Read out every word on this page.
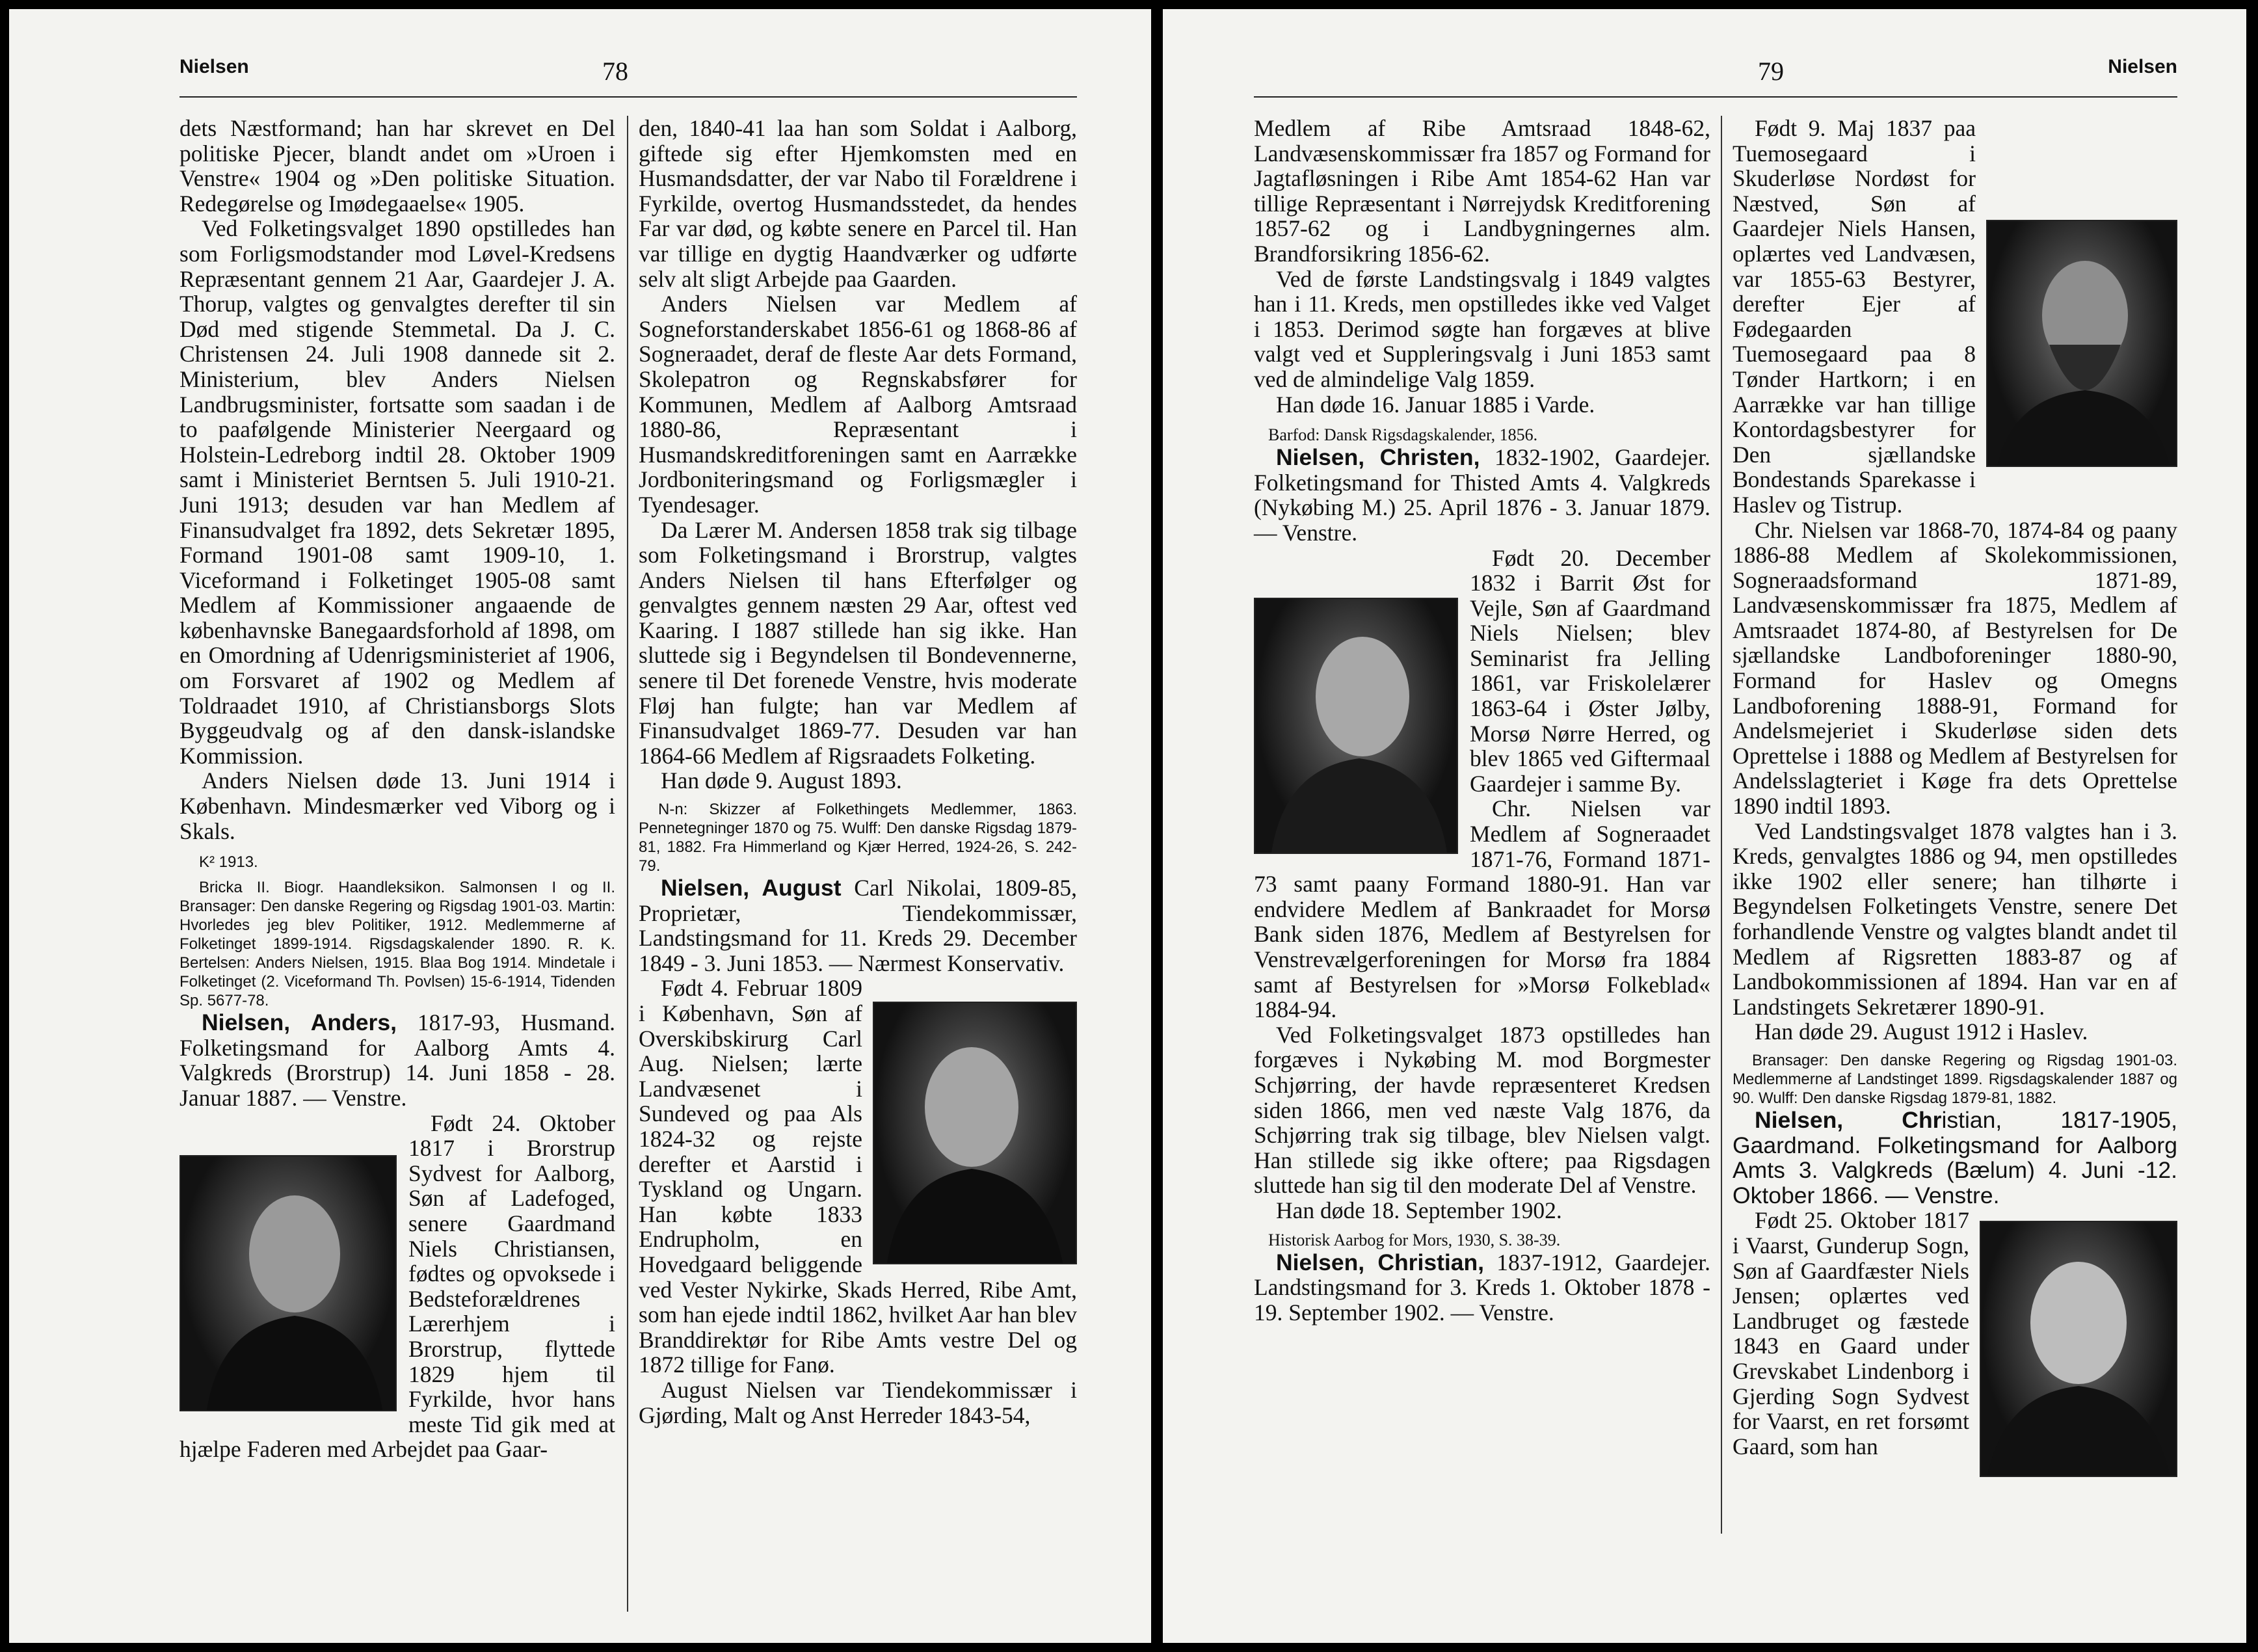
Nielsen	78

dets Næstformand; han har skrevet en Del politiske Pjecer, blandt andet om »Uroen i Venstre« 1904 og »Den politiske Situation. Redegørelse og Imødegaaelse« 1905.

Ved Folketingsvalget 1890 opstilledes han som Forligsmodstander mod Løvel-Kredsens Repræsentant gennem 21 Aar, Gaardejer J. A. Thorup, valgtes og genvalgtes derefter til sin Død med stigende Stemmetal. Da J. C. Christensen 24. Juli 1908 dannede sit 2. Ministerium, blev Anders Nielsen Landbrugsminister, fortsatte som saadan i de to paafølgende Ministerier Neergaard og Holstein-Ledreborg indtil 28. Oktober 1909 samt i Ministeriet Berntsen 5. Juli 1910-21. Juni 1913; desuden var han Medlem af Finansudvalget fra 1892, dets Sekretær 1895, Formand 1901-08 samt 1909-10, 1. Viceformand i Folketinget 1905-08 samt Medlem af Kommissioner angaaende de københavnske Banegaardsforhold af 1898, om en Omordning af Udenrigsministeriet af 1906, om Forsvaret af 1902 og Medlem af Toldraadet 1910, af Christiansborgs Slots Byggeudvalg og af den dansk-islandske Kommission.

Anders Nielsen døde 13. Juni 1914 i København. Mindesmærker ved Viborg og i Skals.

K² 1913.

Bricka II. Biogr. Haandleksikon. Salmonsen I og II. Bransager: Den danske Regering og Rigsdag 1901-03. Martin: Hvorledes jeg blev Politiker, 1912. Medlemmerne af Folketinget 1899-1914. Rigsdagskalender 1890. R. K. Bertelsen: Anders Nielsen, 1915. Blaa Bog 1914. Mindetale i Folketinget (2. Viceformand Th. Povlsen) 15-6-1914, Tidenden Sp. 5677-78.

Nielsen, Anders, 1817-93, Husmand. Folketingsmand for Aalborg Amts 4. Valgkreds (Brorstrup) 14. Juni 1858 - 28. Januar 1887. — Venstre.

Født 24. Oktober 1817 i Brorstrup Sydvest for Aalborg, Søn af Ladefoged, senere Gaardmand Niels Christiansen, fødtes og opvoksede i Bedsteforældrenes Lærerhjem i Brorstrup, flyttede 1829 hjem til Fyrkilde, hvor hans meste Tid gik med at hjælpe Faderen med Arbejdet paa Gaar-

den, 1840-41 laa han som Soldat i Aalborg, giftede sig efter Hjemkomsten med en Husmandsdatter, der var Nabo til Forældrene i Fyrkilde, overtog Husmandsstedet, da hendes Far var død, og købte senere en Parcel til. Han var tillige en dygtig Haandværker og udførte selv alt sligt Arbejde paa Gaarden.

Anders Nielsen var Medlem af Sogneforstanderskabet 1856-61 og 1868-86 af Sogneraadet, deraf de fleste Aar dets Formand, Skolepatron og Regnskabsfører for Kommunen, Medlem af Aalborg Amtsraad 1880-86, Repræsentant i Husmandskreditforeningen samt en Aarrække Jordboniteringsmand og Forligsmægler i Tyendesager.

Da Lærer M. Andersen 1858 trak sig tilbage som Folketingsmand i Brorstrup, valgtes Anders Nielsen til hans Efterfølger og genvalgtes gennem næsten 29 Aar, oftest ved Kaaring. I 1887 stillede han sig ikke. Han sluttede sig i Begyndelsen til Bondevennerne, senere til Det forenede Venstre, hvis moderate Fløj han fulgte; han var Medlem af Finansudvalget 1869-77. Desuden var han 1864-66 Medlem af Rigsraadets Folketing.

Han døde 9. August 1893.

N-n: Skizzer af Folkethingets Medlemmer, 1863. Pennetegninger 1870 og 75. Wulff: Den danske Rigsdag 1879-81, 1882. Fra Himmerland og Kjær Herred, 1924-26, S. 242-79.

Nielsen, August Carl Nikolai, 1809-85, Proprietær, Tiendekommissær, Landstingsmand for 11. Kreds 29. December 1849 - 3. Juni 1853. — Nærmest Konservativ.

Født 4. Februar 1809 i København, Søn af Overskibskirurg Carl Aug. Nielsen; lærte Landvæsenet i Sundeved og paa Als 1824-32 og rejste derefter et Aarstid i Tyskland og Ungarn. Han købte 1833 Endrupholm, en Hovedgaard beliggende ved Vester Nykirke, Skads Herred, Ribe Amt, som han ejede indtil 1862, hvilket Aar han blev Branddirektør for Ribe Amts vestre Del og 1872 tillige for Fanø.

August Nielsen var Tiendekommissær i Gjørding, Malt og Anst Herreder 1843-54,

79	Nielsen

Medlem af Ribe Amtsraad 1848-62, Landvæsenskommissær fra 1857 og Formand for Jagtafløsningen i Ribe Amt 1854-62 Han var tillige Repræsentant i Nørrejydsk Kreditforening 1857-62 og i Landbygningernes alm. Brandforsikring 1856-62.

Ved de første Landstingsvalg i 1849 valgtes han i 11. Kreds, men opstilledes ikke ved Valget i 1853. Derimod søgte han forgæves at blive valgt ved et Suppleringsvalg i Juni 1853 samt ved de almindelige Valg 1859.

Han døde 16. Januar 1885 i Varde.

Barfod: Dansk Rigsdagskalender, 1856.

Nielsen, Christen, 1832-1902, Gaardejer. Folketingsmand for Thisted Amts 4. Valgkreds (Nykøbing M.) 25. April 1876 - 3. Januar 1879. — Venstre.

Født 20. December 1832 i Barrit Øst for Vejle, Søn af Gaardmand Niels Nielsen; blev Seminarist fra Jelling 1861, var Friskolelærer 1863-64 i Øster Jølby, Morsø Nørre Herred, og blev 1865 ved Giftermaal Gaardejer i samme By.

Chr. Nielsen var Medlem af Sogneraadet 1871-76, Formand 1871-73 samt paany Formand 1880-91. Han var endvidere Medlem af Bankraadet for Morsø Bank siden 1876, Medlem af Bestyrelsen for Venstrevælgerforeningen for Morsø fra 1884 samt af Bestyrelsen for »Morsø Folkeblad« 1884-94.

Ved Folketingsvalget 1873 opstilledes han forgæves i Nykøbing M. mod Borgmester Schjørring, der havde repræsenteret Kredsen siden 1866, men ved næste Valg 1876, da Schjørring trak sig tilbage, blev Nielsen valgt. Han stillede sig ikke oftere; paa Rigsdagen sluttede han sig til den moderate Del af Venstre.

Han døde 18. September 1902.

Historisk Aarbog for Mors, 1930, S. 38-39.

Nielsen, Christian, 1837-1912, Gaardejer. Landstingsmand for 3. Kreds 1. Oktober 1878 - 19. September 1902. — Venstre.

Født 9. Maj 1837 paa Tuemosegaard i Skuderløse Nordøst for Næstved, Søn af Gaardejer Niels Hansen, oplærtes ved Landvæsen, var 1855-63 Bestyrer, derefter Ejer af Fødegaarden Tuemosegaard paa 8 Tønder Hartkorn; i en Aarrække var han tillige Kontordagsbestyrer for Den sjællandske Bondestands Sparekasse i Haslev og Tistrup.

Chr. Nielsen var 1868-70, 1874-84 og paany 1886-88 Medlem af Skolekommissionen, Sogneraadsformand 1871-89, Landvæsenskommissær fra 1875, Medlem af Amtsraadet 1874-80, af Bestyrelsen for De sjællandske Landboforeninger 1880-90, Formand for Haslev og Omegns Landboforening 1888-91, Formand for Andelsmejeriet i Skuderløse siden dets Oprettelse i 1888 og Medlem af Bestyrelsen for Andelsslagteriet i Køge fra dets Oprettelse 1890 indtil 1893.

Ved Landstingsvalget 1878 valgtes han i 3. Kreds, genvalgtes 1886 og 94, men opstilledes ikke 1902 eller senere; han tilhørte i Begyndelsen Folketingets Venstre, senere Det forhandlende Venstre og valgtes blandt andet til Medlem af Rigsretten 1883-87 og af Landbokommissionen af 1894. Han var en af Landstingets Sekretærer 1890-91.

Han døde 29. August 1912 i Haslev.

Bransager: Den danske Regering og Rigsdag 1901-03. Medlemmerne af Landstinget 1899. Rigsdagskalender 1887 og 90. Wulff: Den danske Rigsdag 1879-81, 1882.

Nielsen, Christian, 1817-1905, Gaardmand. Folketingsmand for Aalborg Amts 3. Valgkreds (Bælum) 4. Juni -12. Oktober 1866. — Venstre.

Født 25. Oktober 1817 i Vaarst, Gunderup Sogn, Søn af Gaardfæster Niels Jensen; oplærtes ved Landbruget og fæstede 1843 en Gaard under Grevskabet Lindenborg i Gjerding Sogn Sydvest for Vaarst, en ret forsømt Gaard, som han
